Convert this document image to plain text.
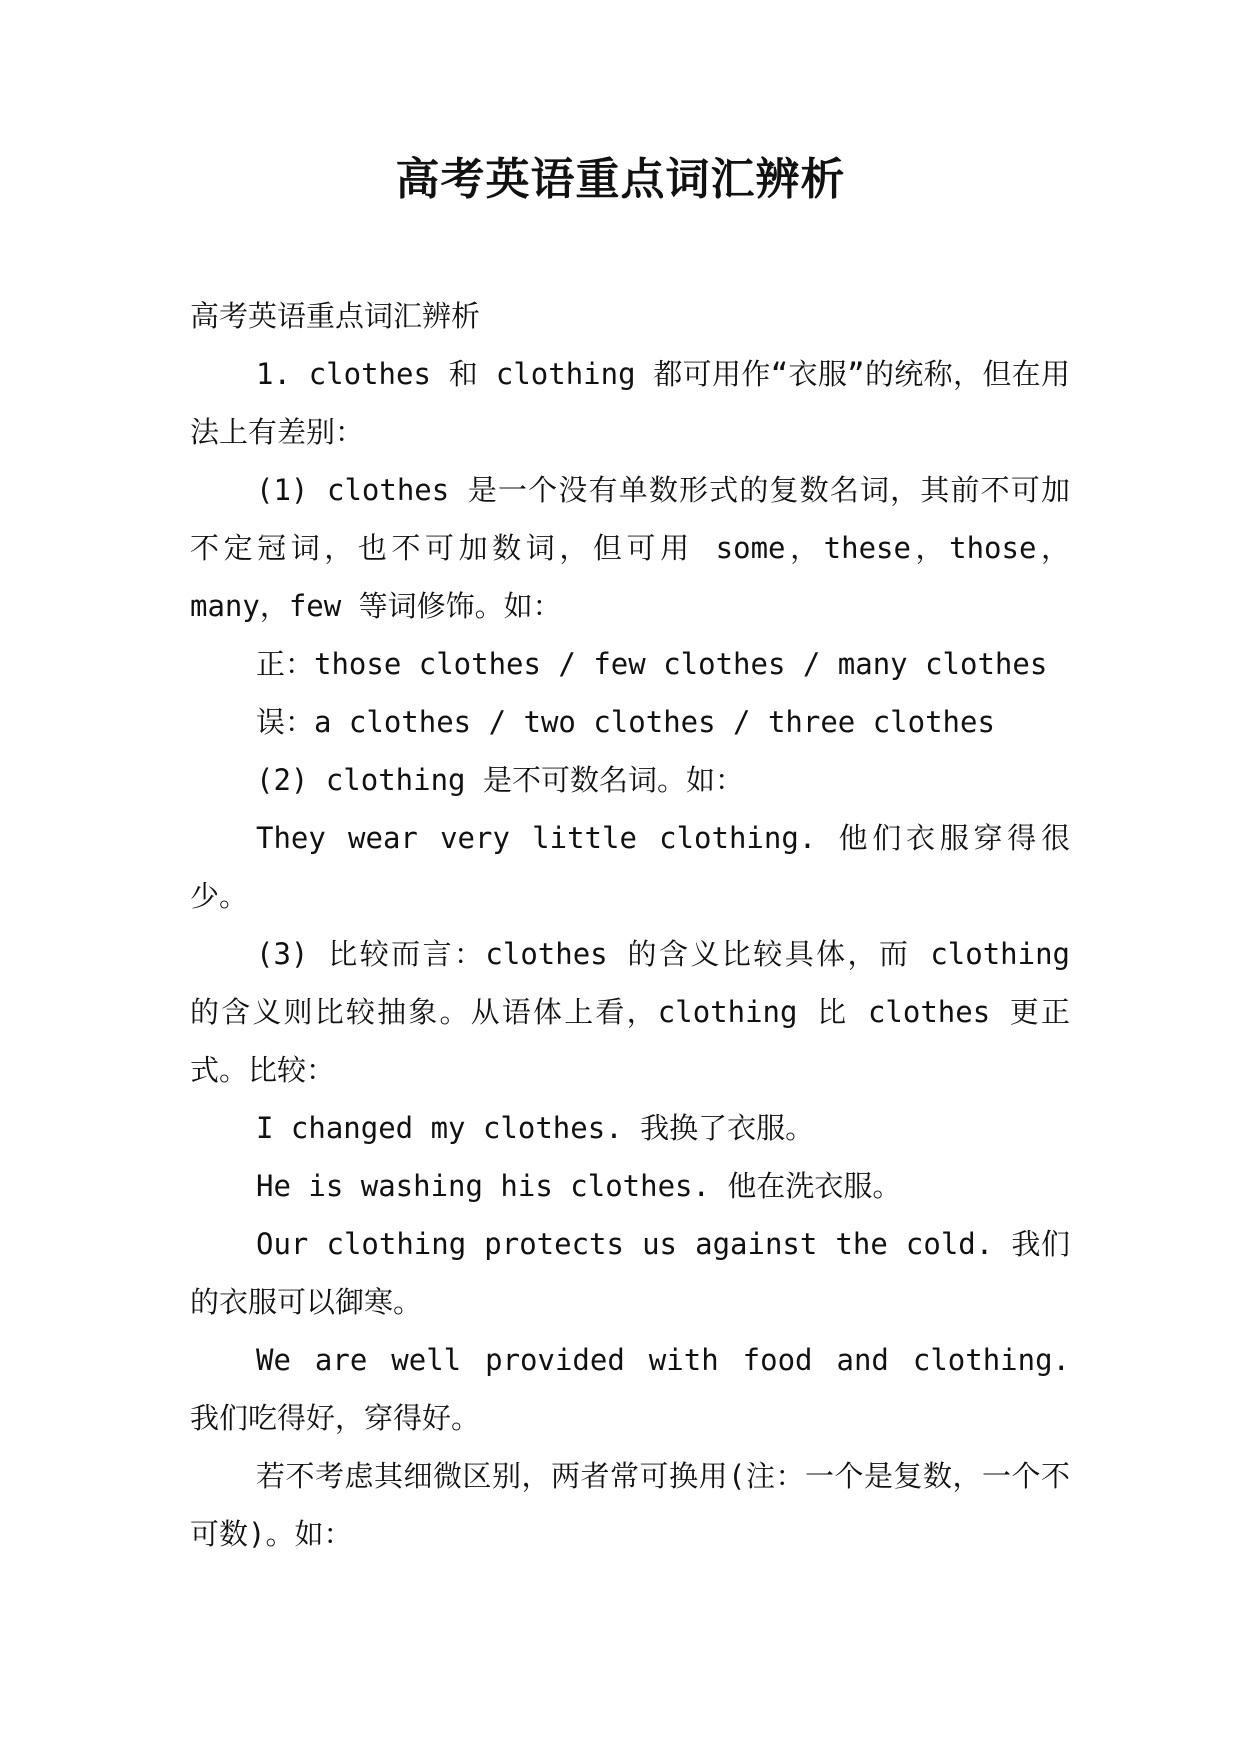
高考英语重点词汇辨析

高考英语重点词汇辨析

1. clothes 和 clothing 都可用作“衣服”的统称，但在用法上有差别：

(1) clothes 是一个没有单数形式的复数名词，其前不可加不定冠词，也不可加数词，但可用 some，these，those，many，few 等词修饰。如：

正：those clothes / few clothes / many clothes

误：a clothes / two clothes / three clothes

(2) clothing 是不可数名词。如：

They wear very little clothing. 他们衣服穿得很少。

(3) 比较而言：clothes 的含义比较具体，而 clothing 的含义则比较抽象。从语体上看，clothing 比 clothes 更正式。比较：

I changed my clothes. 我换了衣服。

He is washing his clothes. 他在洗衣服。

Our clothing protects us against the cold. 我们的衣服可以御寒。

We are well provided with food and clothing. 我们吃得好，穿得好。

若不考虑其细微区别，两者常可换用(注：一个是复数，一个不可数)。如：
